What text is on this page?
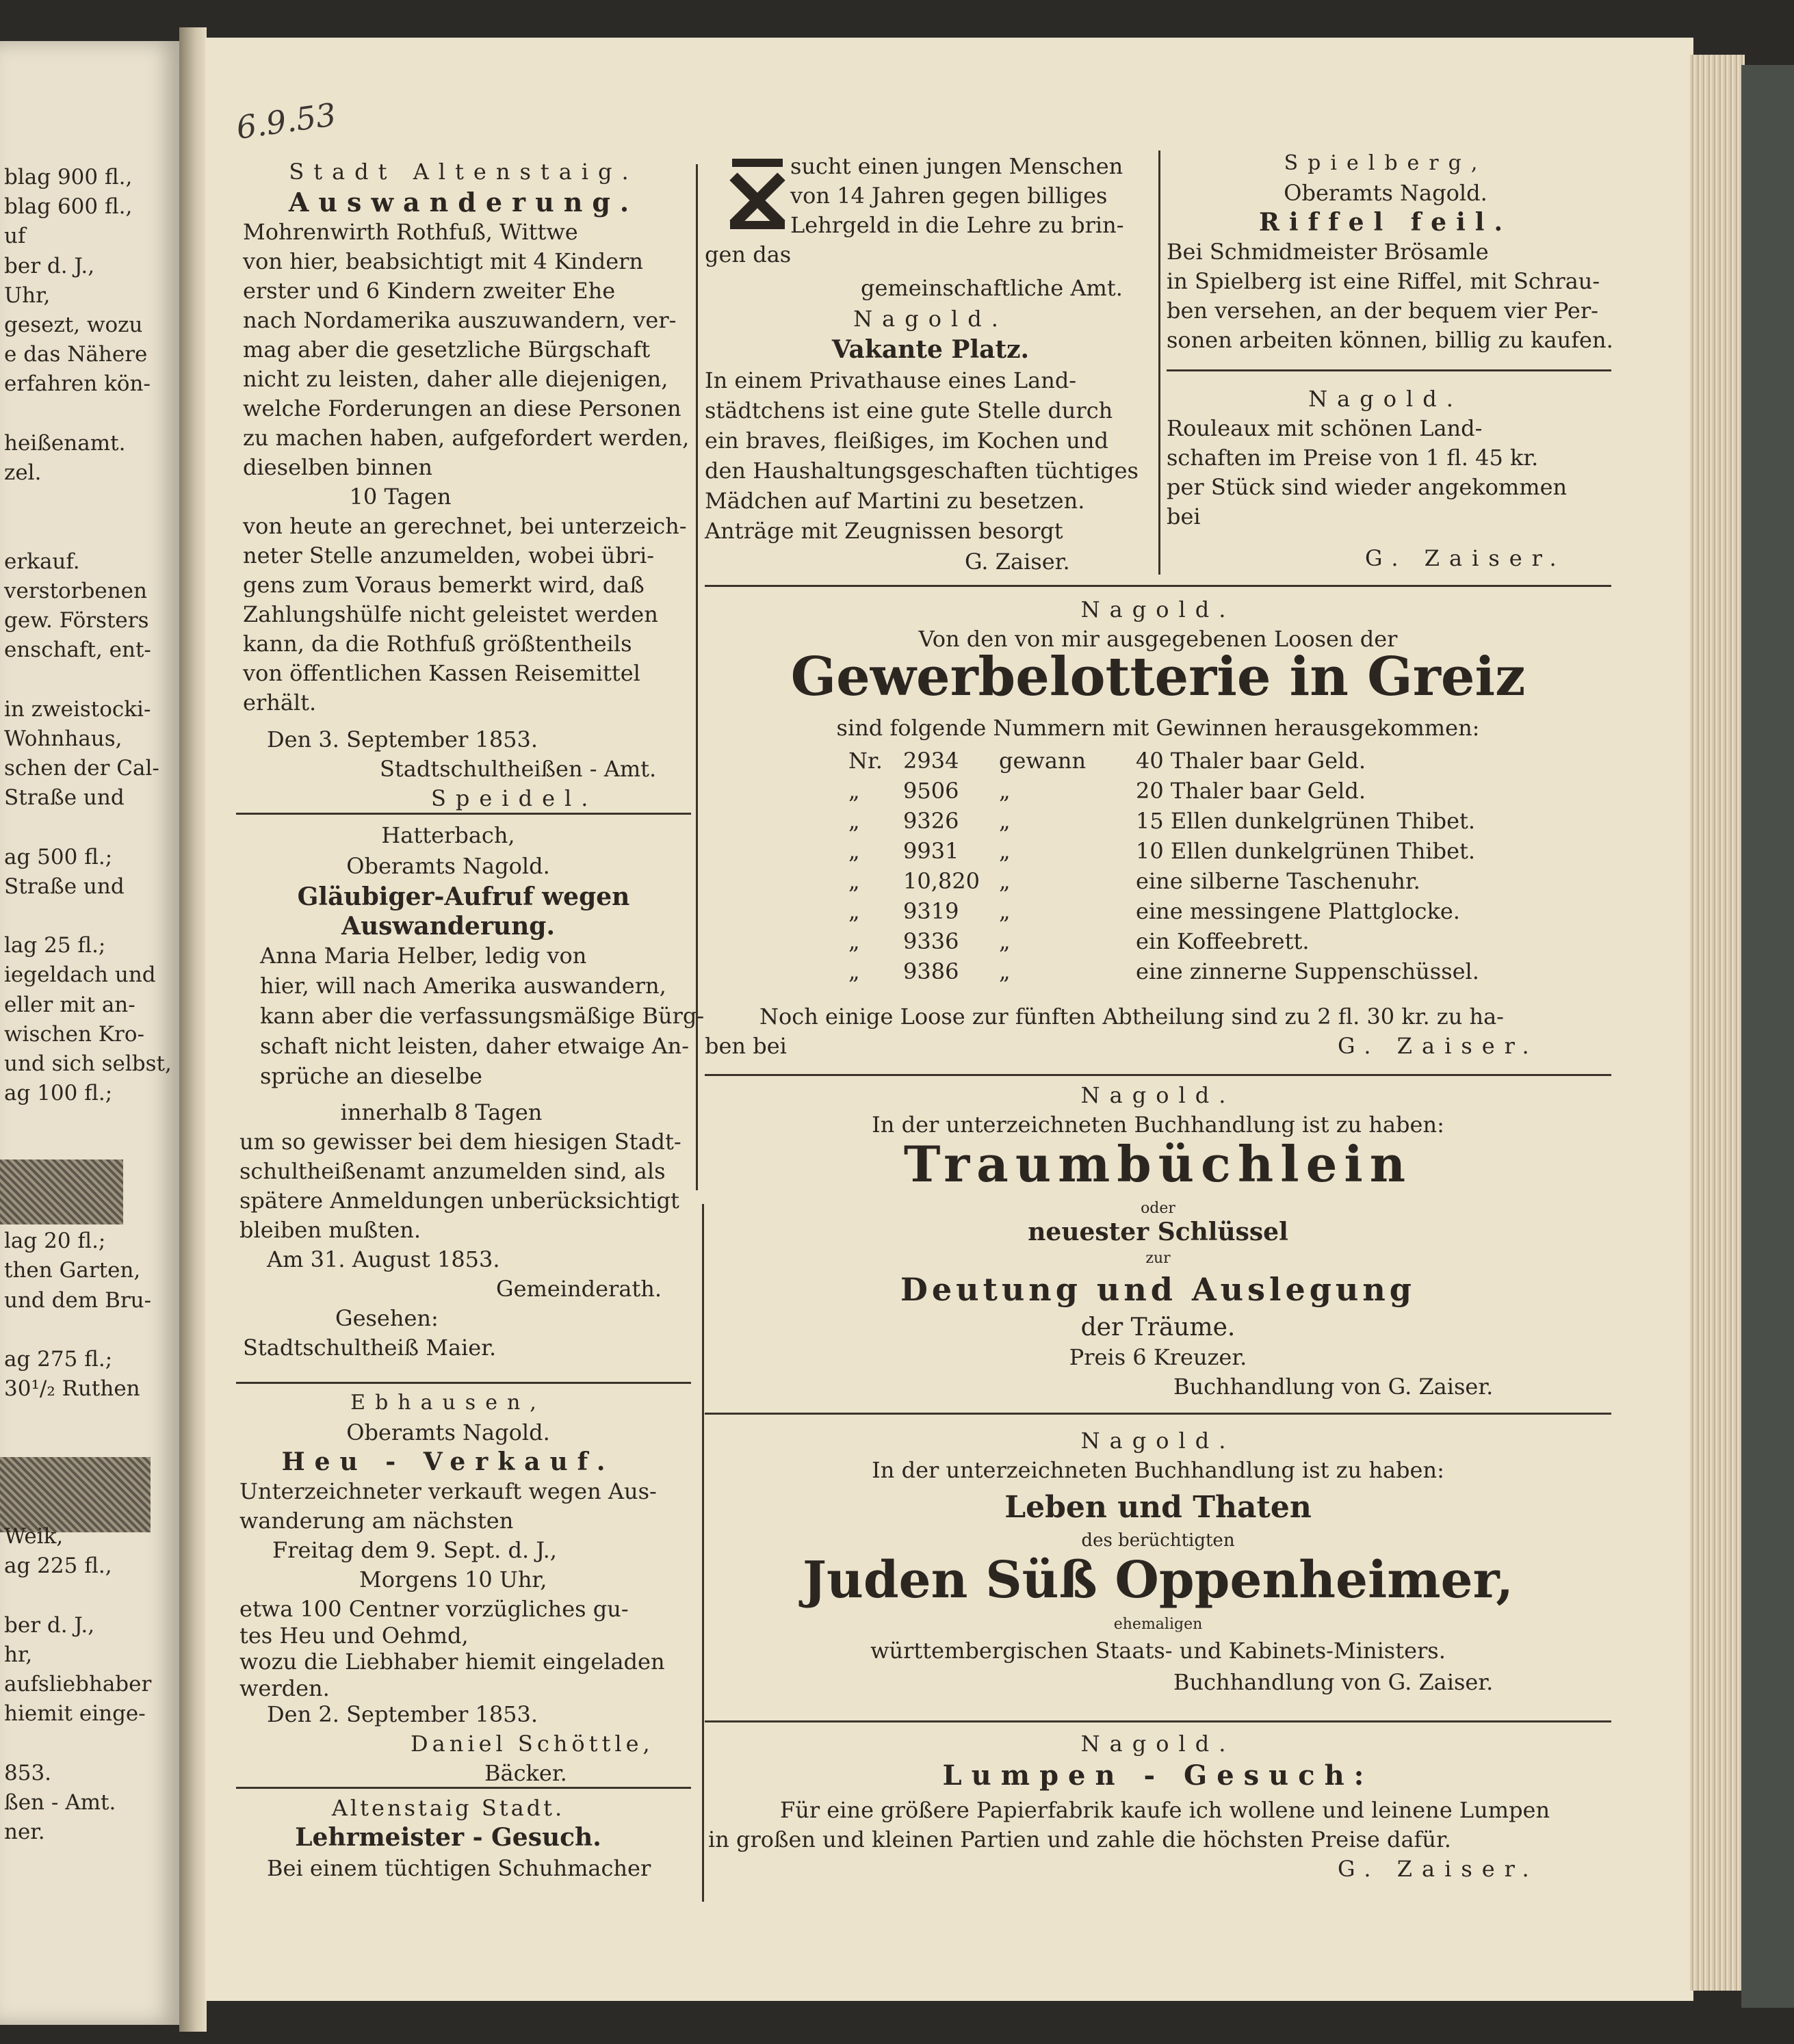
6.9.53
blag 900 fl.,
blag 600 fl.,
uf
ber d. J.,
Uhr,
gesezt, wozu
e das Nähere
erfahren kön-
heißenamt.
zel.
erkauf.
verstorbenen
gew. Försters
enschaft, ent-
in zweistocki-
Wohnhaus,
schen der Cal-
Straße und
ag 500 fl.;
Straße und
lag 25 fl.;
iegeldach und
eller mit an-
wischen Kro-
und sich selbst,
ag 100 fl.;
lag 20 fl.;
then Garten,
und dem Bru-
ag 275 fl.;
30¹/₂ Ruthen
Weik,
ag 225 fl.,
ber d. J.,
hr,
aufsliebhaber
hiemit einge-
853.
ßen - Amt.
ner.
Stadt Altenstaig.
Auswanderung.
Mohrenwirth Rothfuß, Wittwe
von hier, beabsichtigt mit 4 Kindern
erster und 6 Kindern zweiter Ehe
nach Nordamerika auszuwandern, ver-
mag aber die gesetzliche Bürgschaft
nicht zu leisten, daher alle diejenigen,
welche Forderungen an diese Personen
zu machen haben, aufgefordert werden,
dieselben binnen
10 Tagen
von heute an gerechnet, bei unterzeich-
neter Stelle anzumelden, wobei übri-
gens zum Voraus bemerkt wird, daß
Zahlungshülfe nicht geleistet werden
kann, da die Rothfuß größtentheils
von öffentlichen Kassen Reisemittel
erhält.
Den 3. September 1853.
Stadtschultheißen - Amt.
Speidel.
Hatterbach,
Oberamts Nagold.
Gläubiger-Aufruf wegen
Auswanderung.
Anna Maria Helber, ledig von
hier, will nach Amerika auswandern,
kann aber die verfassungsmäßige Bürg-
schaft nicht leisten, daher etwaige An-
sprüche an dieselbe
innerhalb 8 Tagen
um so gewisser bei dem hiesigen Stadt-
schultheißenamt anzumelden sind, als
spätere Anmeldungen unberücksichtigt
bleiben mußten.
Am 31. August 1853.
Gemeinderath.
Gesehen:
Stadtschultheiß Maier.
Ebhausen,
Oberamts Nagold.
Heu - Verkauf.
Unterzeichneter verkauft wegen Aus-
wanderung am nächsten
Freitag dem 9. Sept. d. J.,
Morgens 10 Uhr,
etwa 100 Centner vorzügliches gu-
tes Heu und Oehmd,
wozu die Liebhaber hiemit eingeladen
werden.
Den 2. September 1853.
Daniel Schöttle,
Bäcker.
Altenstaig Stadt.
Lehrmeister - Gesuch.
Bei einem tüchtigen Schuhmacher
sucht einen jungen Menschen
von 14 Jahren gegen billiges
Lehrgeld in die Lehre zu brin-
gen das
gemeinschaftliche Amt.
Nagold.
Vakante Platz.
In einem Privathause eines Land-
städtchens ist eine gute Stelle durch
ein braves, fleißiges, im Kochen und
den Haushaltungsgeschaften tüchtiges
Mädchen auf Martini zu besetzen.
Anträge mit Zeugnissen besorgt
G. Zaiser.
Spielberg,
Oberamts Nagold.
Riffel feil.
Bei Schmidmeister Brösamle
in Spielberg ist eine Riffel, mit Schrau-
ben versehen, an der bequem vier Per-
sonen arbeiten können, billig zu kaufen.
Nagold.
Rouleaux mit schönen Land-
schaften im Preise von 1 fl. 45 kr.
per Stück sind wieder angekommen
bei
G. Zaiser.
Nagold.
Von den von mir ausgegebenen Loosen der
Gewerbelotterie in Greiz
sind folgende Nummern mit Gewinnen herausgekommen:
Nr. 2934 gewann 40 Thaler baar Geld.
„ 9506 „	20 Thaler baar Geld.
„ 9326 „	15 Ellen dunkelgrünen Thibet.
„ 9931 „	10 Ellen dunkelgrünen Thibet.
„ 10,820 „	eine silberne Taschenuhr.
„ 9319 „	eine messingene Plattglocke.
„ 9336 „	ein Koffeebrett.
„ 9386 „	eine zinnerne Suppenschüssel.
Noch einige Loose zur fünften Abtheilung sind zu 2 fl. 30 kr. zu ha-
ben bei	G. Zaiser.
Nagold.
In der unterzeichneten Buchhandlung ist zu haben:
Traumbüchlein
oder
neuester Schlüssel
zur
Deutung und Auslegung
der Träume.
Preis 6 Kreuzer.
Buchhandlung von G. Zaiser.
Nagold.
In der unterzeichneten Buchhandlung ist zu haben:
Leben und Thaten
des berüchtigten
Juden Süß Oppenheimer,
ehemaligen
württembergischen Staats- und Kabinets-Ministers.
Buchhandlung von G. Zaiser.
Nagold.
Lumpen - Gesuch:
Für eine größere Papierfabrik kaufe ich wollene und leinene Lumpen
in großen und kleinen Partien und zahle die höchsten Preise dafür.
G. Zaiser.
